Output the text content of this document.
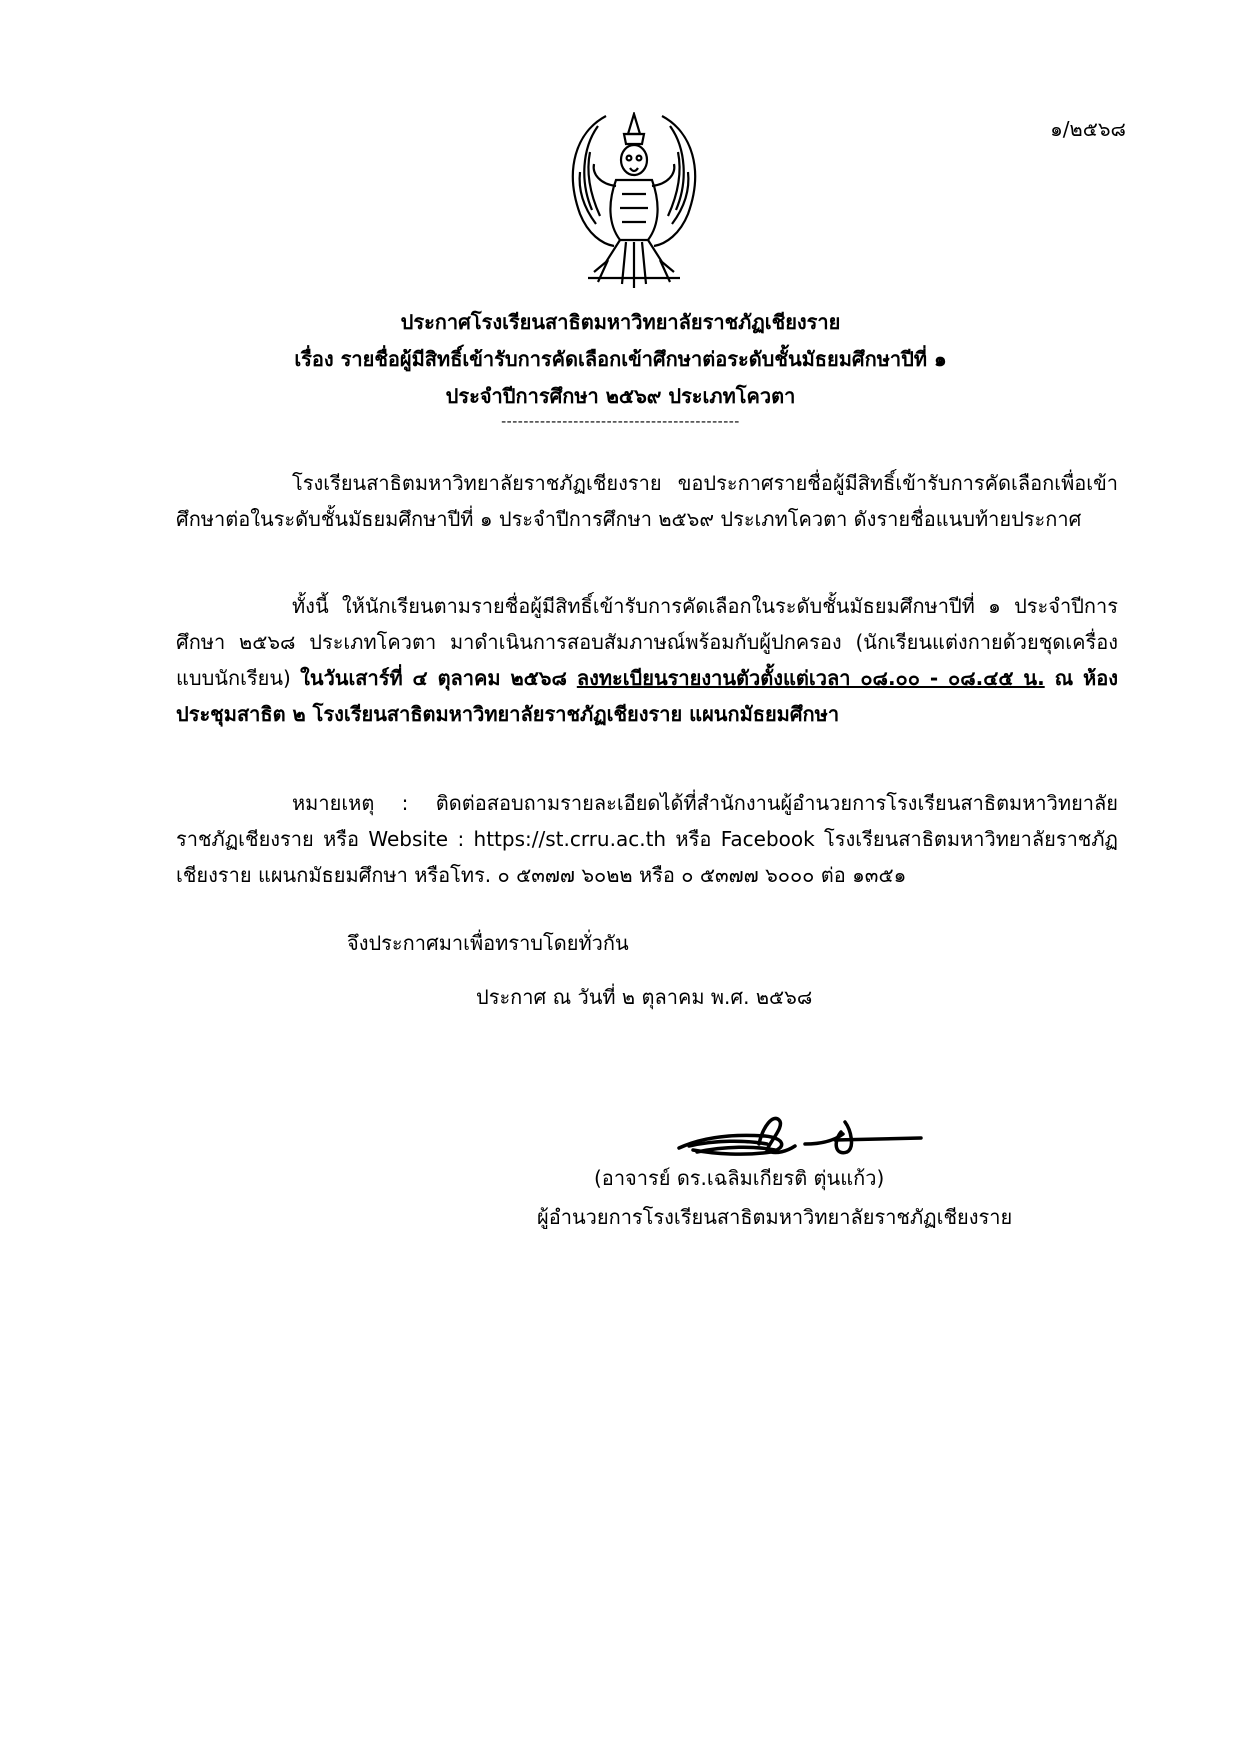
๑/๒๕๖๘
ประกาศโรงเรียนสาธิตมหาวิทยาลัยราชภัฏเชียงราย
เรื่อง รายชื่อผู้มีสิทธิ์เข้ารับการคัดเลือกเข้าศึกษาต่อระดับชั้นมัธยมศึกษาปีที่ ๑
ประจำปีการศึกษา ๒๕๖๙ ประเภทโควตา
-------------------------------------------

โรงเรียนสาธิตมหาวิทยาลัยราชภัฏเชียงราย ขอประกาศรายชื่อผู้มีสิทธิ์เข้ารับการคัดเลือกเพื่อเข้าศึกษาต่อในระดับชั้นมัธยมศึกษาปีที่ ๑ ประจำปีการศึกษา ๒๕๖๙ ประเภทโควตา ดังรายชื่อแนบท้ายประกาศ

ทั้งนี้ ให้นักเรียนตามรายชื่อผู้มีสิทธิ์เข้ารับการคัดเลือกในระดับชั้นมัธยมศึกษาปีที่ ๑ ประจำปีการศึกษา ๒๕๖๘ ประเภทโควตา มาดำเนินการสอบสัมภาษณ์พร้อมกับผู้ปกครอง (นักเรียนแต่งกายด้วยชุดเครื่องแบบนักเรียน) ในวันเสาร์ที่ ๔ ตุลาคม ๒๕๖๘ ลงทะเบียนรายงานตัวตั้งแต่เวลา ๐๘.๐๐ - ๐๘.๔๕ น. ณ ห้องประชุมสาธิต ๒ โรงเรียนสาธิตมหาวิทยาลัยราชภัฏเชียงราย แผนกมัธยมศึกษา

หมายเหตุ : ติดต่อสอบถามรายละเอียดได้ที่สำนักงานผู้อำนวยการโรงเรียนสาธิตมหาวิทยาลัยราชภัฏเชียงราย หรือ Website : https://st.crru.ac.th หรือ Facebook โรงเรียนสาธิตมหาวิทยาลัยราชภัฏเชียงราย แผนกมัธยมศึกษา หรือโทร. ๐ ๕๓๗๗ ๖๐๒๒ หรือ ๐ ๕๓๗๗ ๖๐๐๐ ต่อ ๑๓๕๑

จึงประกาศมาเพื่อทราบโดยทั่วกัน
ประกาศ ณ วันที่ ๒ ตุลาคม พ.ศ. ๒๕๖๘
(อาจารย์ ดร.เฉลิมเกียรติ ตุ่นแก้ว)
ผู้อำนวยการโรงเรียนสาธิตมหาวิทยาลัยราชภัฏเชียงราย
